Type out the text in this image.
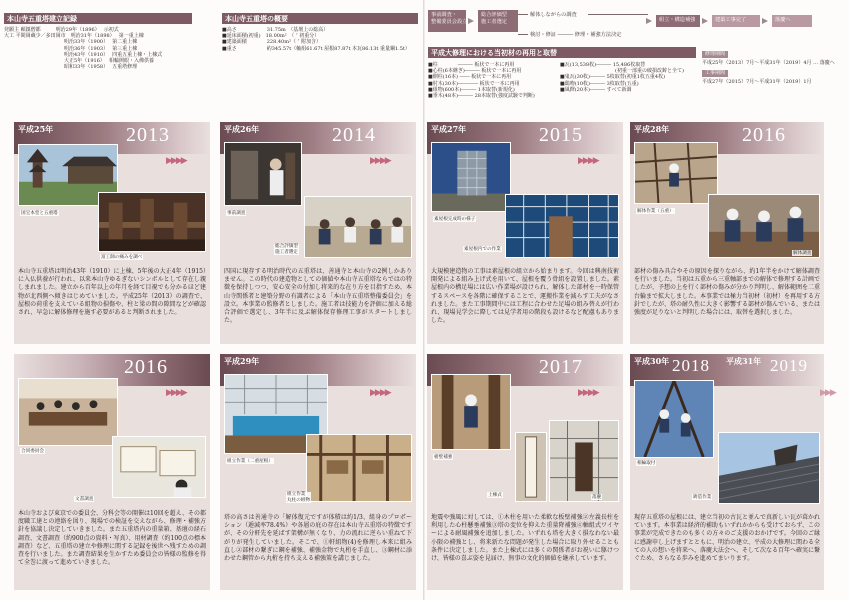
本山寺五重塔建立記録
発願主 頼鎮僧都　　　明治29年（1896）　 示初式
大工 平間岡蔵少／多田岡市　明治31年（1898）　 第一重上棟
　　　　　　　　　　　　明治33年（1900）　 第二重上棟
　　　　　　　　　　　　明治36年（1903）　 第三重上棟
　　　　　　　　　　　　明治43年（1910）　 四重五重上棟・上棟式
　　　　　　　　　　　　大正5年（1916）　 相輪開眼・入佛供養
　　　　　　　　　　　　昭和33年（1958）　 五重塔修理
本山寺五重塔の概要
■高さ　　　　　　31.75m　（基壇上の総高）
■延床面積(初重)　18.00m²　（ ″ 初重分）
■建築面積　　　　228.40m²（ ″ 附加含）
■重さ　　　　　　約345.57t（軸組61.67t 屋根87.87t 本瓦86.13t 重量鋼1.5t）
事前調査・
整備委員会設立
総合評価型
施工者選定
解体しながらの調査
検討・修証 ――― 修理・補強方法決定
組立・構造補強	建築工事完了	落慶へ
平成大修理における当初材の再用と取替
■柱　　　　――― 板状で一本に再用
■心柱(6本継ぎ)――― 板状で一本に再用
■側柱(16本) ―― 板状で一本に再用
■肘木(30本)―――― 板状で一本に再用
■組物(600本)――― 1本取替(新規化)
■垂木(48本)――― 28本取替(強度試験で判断)
■瓦(13,538枚)――― 15,486枚取替
　　　　　　　　　　　(初重一部重の破損改鋳と全て)
■鬼瓦(30枚)――― 5枚取替(初重1枚五重4枚)
■鴟吻(10枚)――― 3枚取替(五重)
■風鐸(20本)――― すべて新調
修理期間
平成25年（2013）7月〜平成31年（2019）4月 … 落慶へ
工事期間
平成27年（2015）7月〜平成31年（2019）1月
平成25年	2013
国宝本堂と五重塔
富工師の痛みを調べ
本山寺五重塔は明治43年（1910）に上棟、5年後の大正4年（1915）に入仏供養が行われ、以来本山寺ゆるぎないシンボルとして存在し親しまれました。建立から百年以上の年月を経て目視でも分かるほど建物が北西側へ傾きはじめていました。平成25年（2013）の調査で、屋根の荷重を支えている組物の損傷や、柱と梁の間の隙間などが確認され、早急に解体修理を施す必要があると判断されました。
▶▶▶▶
平成26年	2014
事前調査
総合評価型
施工者選定
四国に現存する明治時代の五重塔は、善通寺と本山寺の2例しかありません。この時代の建造物としての価値や本山寺五重塔ならではの特徴を保持しつつ、安心安全の付加し将来的な在り方を目指すため、本山寺関係者と建築分野の有識者による「本山寺五重塔整備委員会」を設立。本事業の監修者としました。施工者は技能力を評価に加える総合評価で選定し、3年半に及ぶ解体保存修理工事がスタートしました。
▶▶▶▶
平成27年	2015
素屋根完成時の様子
素屋根内での作業
大規模建造物の工事は素屋根の組立から始まります。今回は興南技術開発による組み上げ式を用いて、屋根を覆う骨組を設置しました。素屋根内の構足場には広い作業場が設けられ、解体した部材を一時保管するスペースを各階に確保することで、運搬作業を減らす工夫がなされました。また工事期間中には工程に合わせた足場の組み替えが行われ、現場見学会に際しては見学者用の階段も設けるなど配慮もありました。
▶▶▶▶
平成28年	2016
解体作業（五重）
解体調査
部材の傷み具合やその原因を探りながら、約1年半をかけて解体調査を行いました。当初は五重から三重軸部までの解体で修理する計画でしたが、予想の上を行く部材の傷みが分かり判明し、解体範囲を二重台輪まで拡大しました。本事業では極力当初材（初材）を再用する方針でしたが、塔の耐久性に大きく影響する部材が傷んでいる、または強度が足りないと判明した場合には、取替を選択しました。
2016
合同委員会
文書調査
本山寺および東京での委員会、分科会等の開催は10回を超え、その都度職工達との連絡を図り、現場での検証を交えながら、修理・補強方針を協議し決定していきました。また五重塔内の重量箱、基壇の経石調査、文書調査（約900点の資料・写真）、用材調査（約100点の標本調査）など、五重塔の建立や修理に関する記録を後世へ残すための調査を行いました。また調査結果を生かすため委員会の皆様の監修を得て全巻に渡って進めていきました。
平成29年
組立作業（二重屋根）
組立作業
丸柱の組物
塔の高さは善通寺の「解体復元ですが体積は約1/3、組身のプロポーション（逓減率78.4%）や各層の庇の存在は本山寺五重塔の特徴ですが、その分軒先を延ばす架構が無くなり、力の流れに逆らい重ねて下がりが発生していました。そこで、①軒組物(4)を修理し本来に組み直し②部材の繋ぎに鋼を補強、補強金物で丸桁を手直し、③鋼材に添わせた鋼管から丸桁を持ち支える補強策を講じました。
▶▶▶▶	▶▶▶▶
2017
板壁補強
上棟式	落慶
地震や強風に対しては、①木柱を用いた柔軟な板壁補強②左義長柱を利用した心柱懸垂補強③塔の変位を抑えた重量降補強④軸組式ワイヤーによる耐風補強を追加しました。いずれも塔を大きく損なわない最小限の補強とし、将来新たな問題が発生した場合に取り外せることも条件に決定しました。また上棟式には多くの関係者がお祝いに駆けつけ、皆様の喜ぶ姿を見届け、無事の文化的価値を継承しています。
▶▶▶▶
平成30年 2018 平成31年 2019
相輪取付
鋳造作業
現存五重塔の屋根には、建立当初の古瓦と並んで真新しい瓦が葺かれています。本事業は経済的補助もいずれかからも受けておらず、この事業が完成できたのも多くの方々のご支援のおかげです。今回のご縁に感謝申し上げますとともに、明治の建立、平成の大修理に関わる全ての人の想いを将来へ、落慶大法会へ、そして次なる百年へ確実に繋ぐため、さらなる歩みを進めてまいります。
▶▶▶
